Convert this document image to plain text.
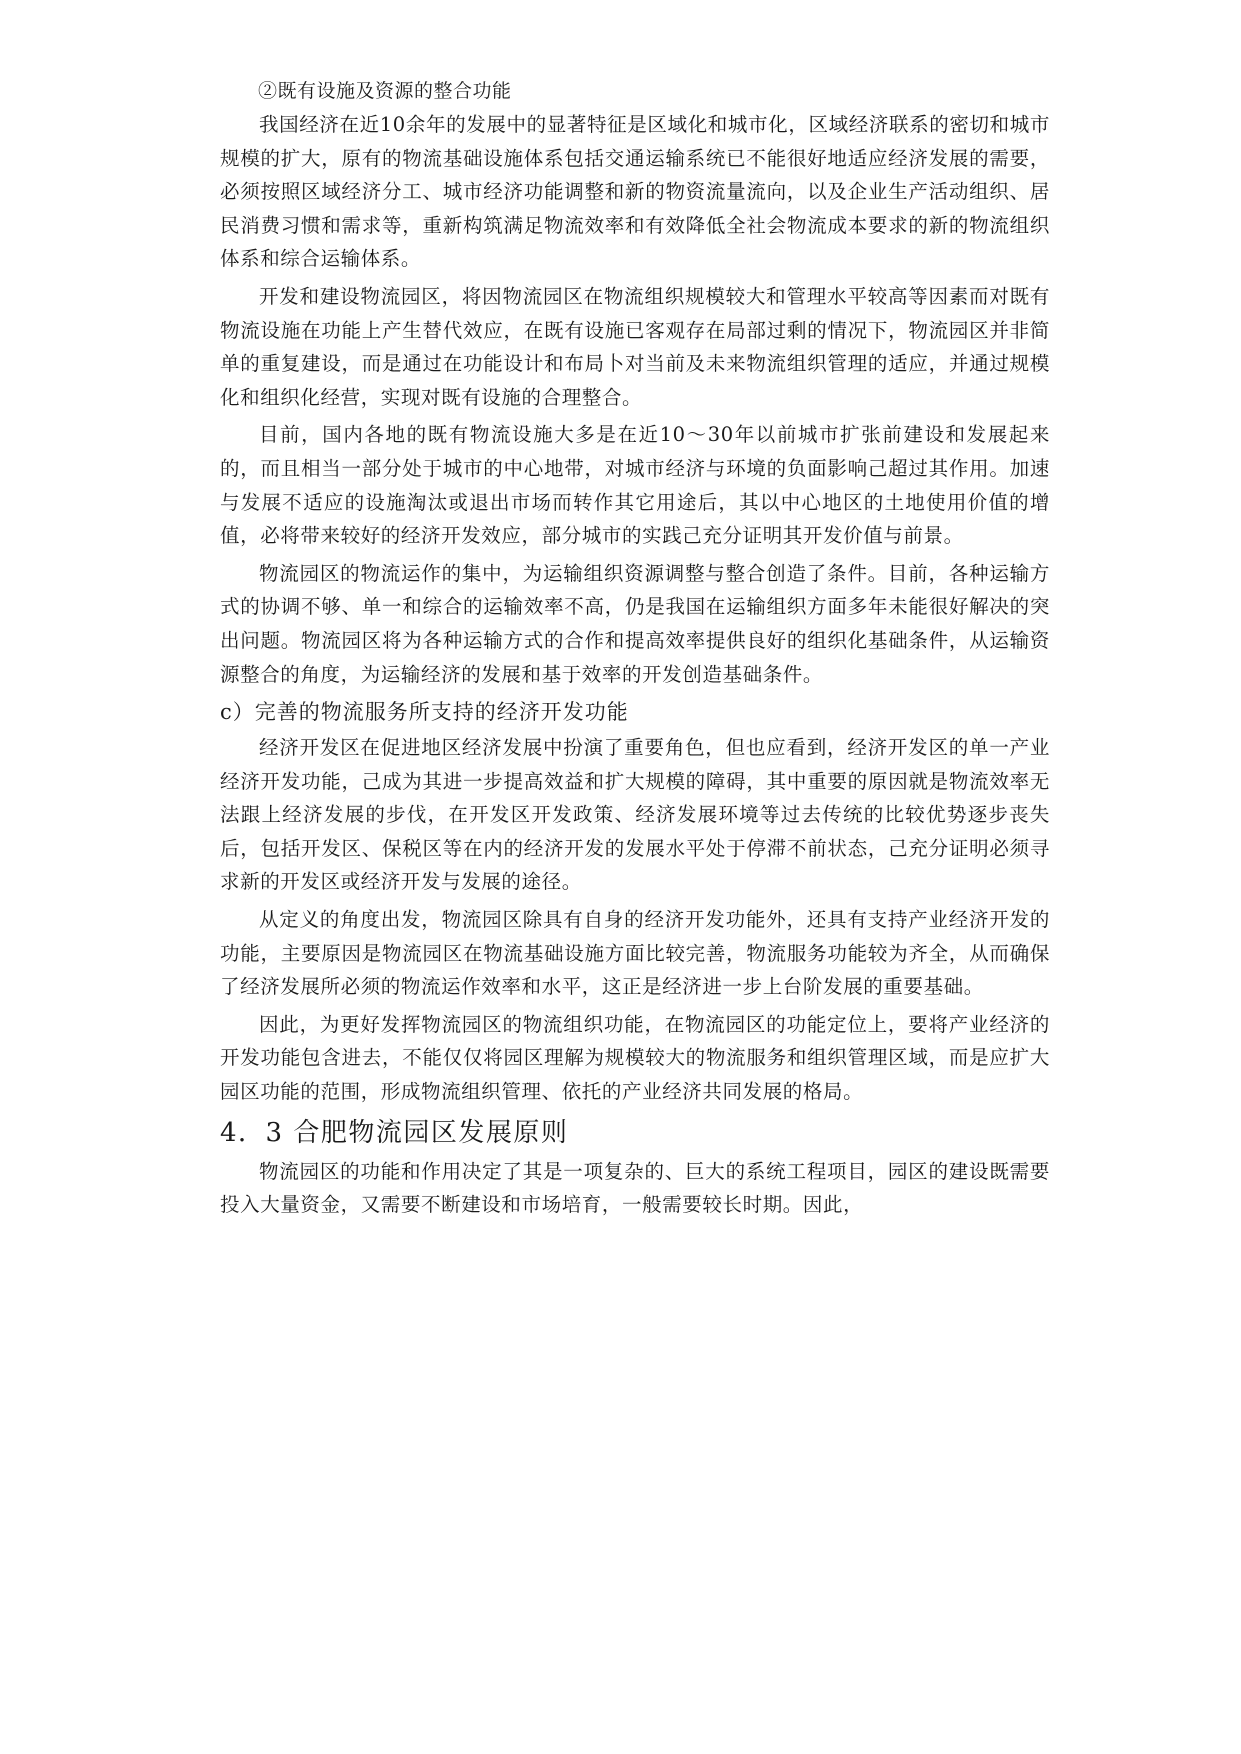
②既有设施及资源的整合功能

我国经济在近10余年的发展中的显著特征是区域化和城市化，区域经济联系的密切和城市规模的扩大，原有的物流基础设施体系包括交通运输系统已不能很好地适应经济发展的需要，必须按照区域经济分工、城市经济功能调整和新的物资流量流向，以及企业生产活动组织、居民消费习惯和需求等，重新构筑满足物流效率和有效降低全社会物流成本要求的新的物流组织体系和综合运输体系。

开发和建设物流园区，将因物流园区在物流组织规模较大和管理水平较高等因素而对既有物流设施在功能上产生替代效应，在既有设施已客观存在局部过剩的情况下，物流园区并非简单的重复建设，而是通过在功能设计和布局卜对当前及未来物流组织管理的适应，并通过规模化和组织化经营，实现对既有设施的合理整合。

目前，国内各地的既有物流设施大多是在近10～30年以前城市扩张前建设和发展起来的，而且相当一部分处于城市的中心地带，对城市经济与环境的负面影响己超过其作用。加速与发展不适应的设施淘汰或退出市场而转作其它用途后，其以中心地区的土地使用价值的增值，必将带来较好的经济开发效应，部分城市的实践己充分证明其开发价值与前景。

物流园区的物流运作的集中，为运输组织资源调整与整合创造了条件。目前，各种运输方式的协调不够、单一和综合的运输效率不高，仍是我国在运输组织方面多年未能很好解决的突出问题。物流园区将为各种运输方式的合作和提高效率提供良好的组织化基础条件，从运输资源整合的角度，为运输经济的发展和基于效率的开发创造基础条件。

c）完善的物流服务所支持的经济开发功能

经济开发区在促进地区经济发展中扮演了重要角色，但也应看到，经济开发区的单一产业经济开发功能，己成为其进一步提高效益和扩大规模的障碍，其中重要的原因就是物流效率无法跟上经济发展的步伐，在开发区开发政策、经济发展环境等过去传统的比较优势逐步丧失后，包括开发区、保税区等在内的经济开发的发展水平处于停滞不前状态，己充分证明必须寻求新的开发区或经济开发与发展的途径。

从定义的角度出发，物流园区除具有自身的经济开发功能外，还具有支持产业经济开发的功能，主要原因是物流园区在物流基础设施方面比较完善，物流服务功能较为齐全，从而确保了经济发展所必须的物流运作效率和水平，这正是经济进一步上台阶发展的重要基础。

因此，为更好发挥物流园区的物流组织功能，在物流园区的功能定位上，要将产业经济的开发功能包含进去，不能仅仅将园区理解为规模较大的物流服务和组织管理区域，而是应扩大园区功能的范围，形成物流组织管理、依托的产业经济共同发展的格局。

4．3 合肥物流园区发展原则

物流园区的功能和作用决定了其是一项复杂的、巨大的系统工程项目，园区的建设既需要投入大量资金，又需要不断建设和市场培育，一般需要较长时期。因此，
